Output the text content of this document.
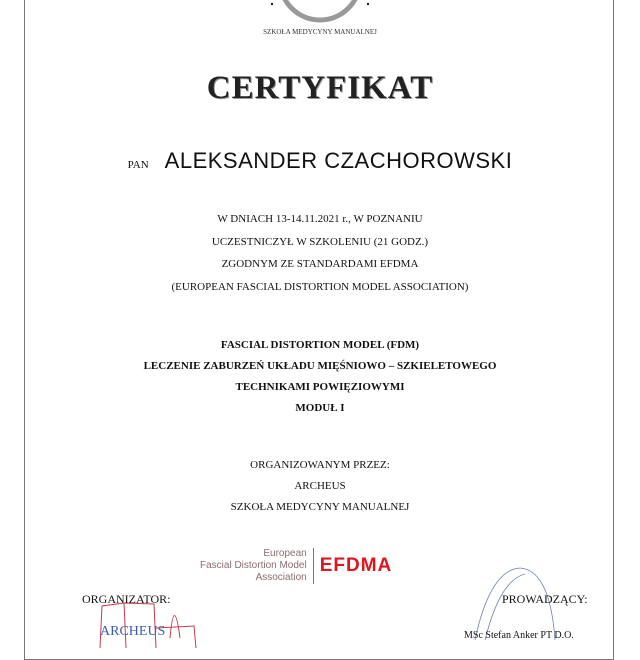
SZKOŁA MEDYCYNY MANUALNEJ
CERTYFIKAT
PAN ALEKSANDER CZACHOROWSKI
W DNIACH 13-14.11.2021 r., W POZNANIU
UCZESTNICZYŁ W SZKOLENIU (21 GODZ.)
ZGODNYM ZE STANDARDAMI EFDMA
(EUROPEAN FASCIAL DISTORTION MODEL ASSOCIATION)
FASCIAL DISTORTION MODEL (FDM)
LECZENIE ZABURZEŃ UKŁADU MIĘŚNIOWO – SZKIELETOWEGO
TECHNIKAMI POWIĘZIOWYMI
MODUŁ I
ORGANIZOWANYM PRZEZ:
ARCHEUS
SZKOŁA MEDYCYNY MANUALNEJ
European
Fascial Distortion Model
Association
EFDMA
ORGANIZATOR:
ARCHEUS
PROWADZĄCY:
MSc Stefan Anker PT D.O.
